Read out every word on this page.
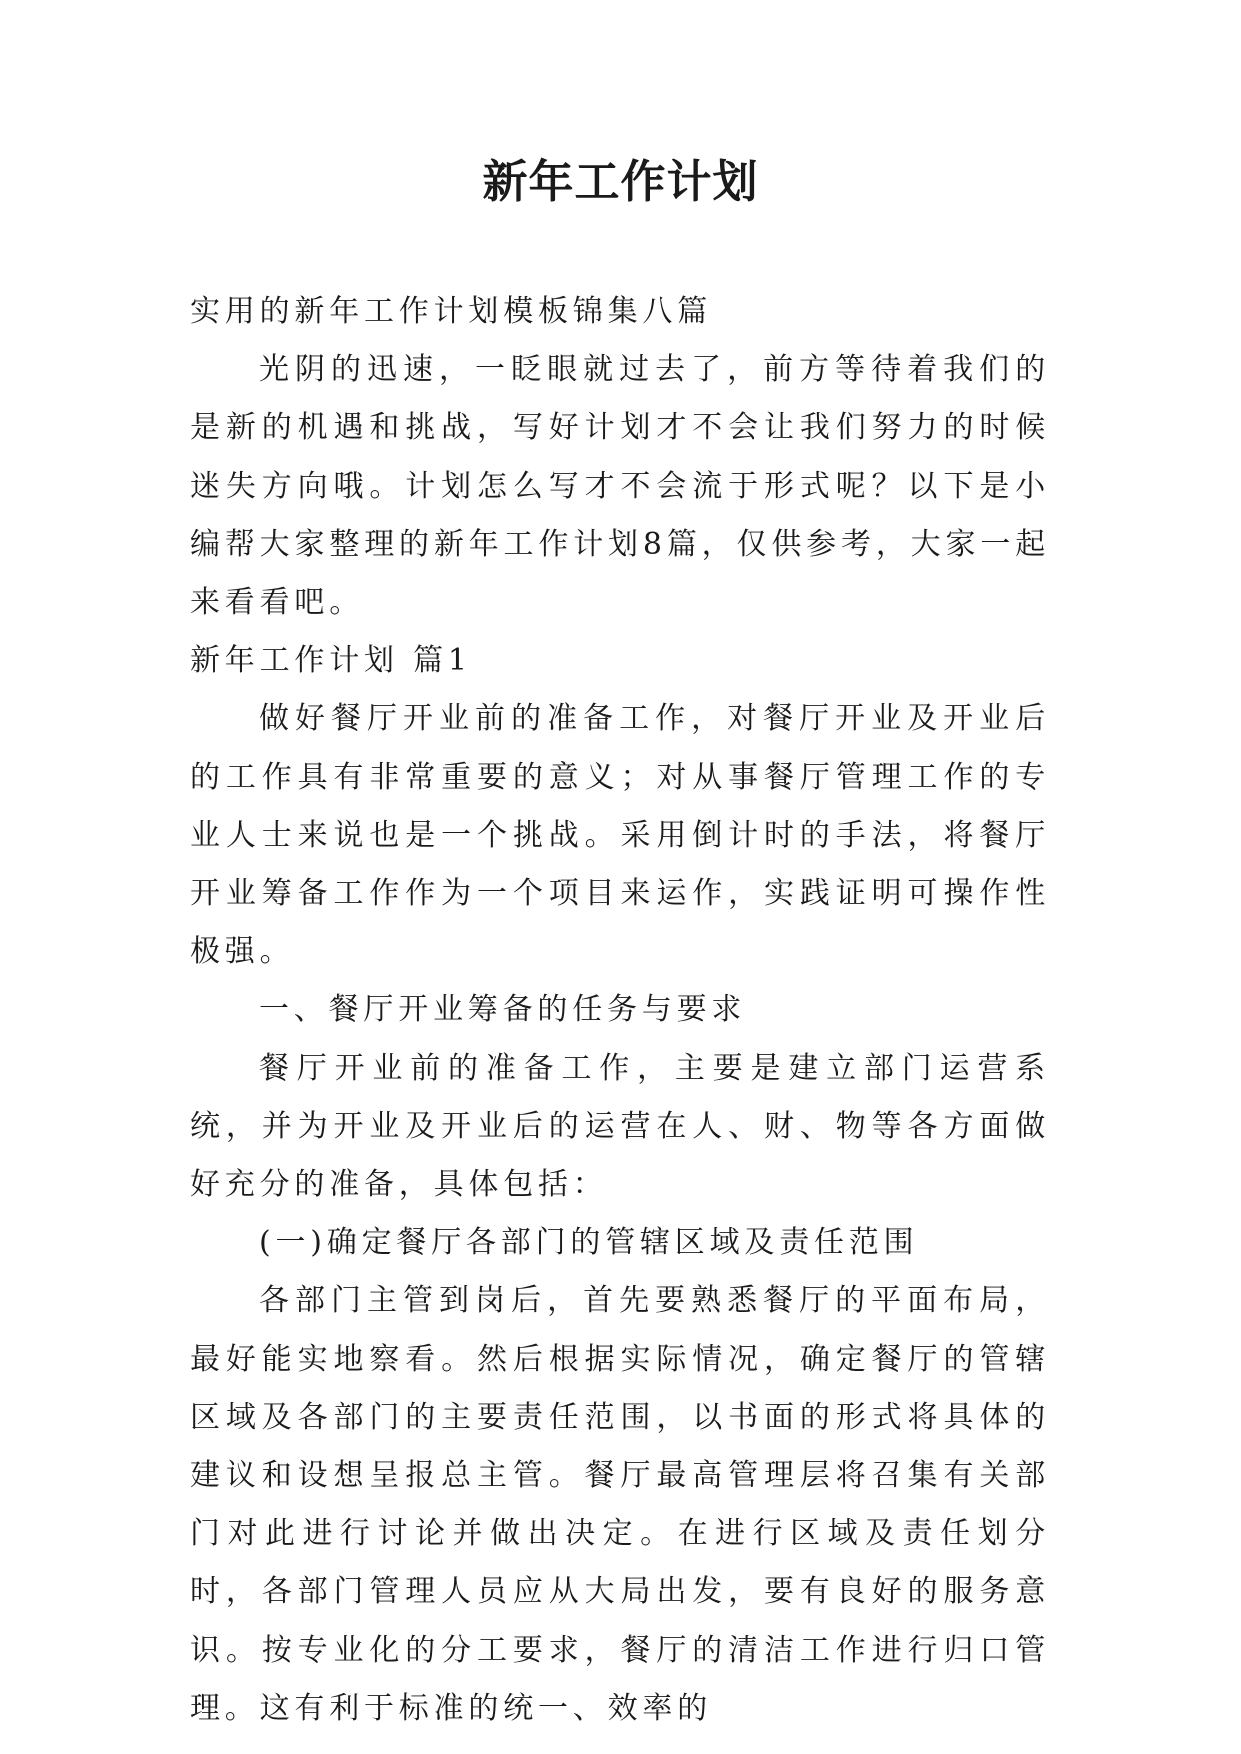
新年工作计划

实用的新年工作计划模板锦集八篇

光阴的迅速，一眨眼就过去了，前方等待着我们的是新的机遇和挑战，写好计划才不会让我们努力的时候迷失方向哦。计划怎么写才不会流于形式呢？以下是小编帮大家整理的新年工作计划8篇，仅供参考，大家一起来看看吧。

新年工作计划 篇1

做好餐厅开业前的准备工作，对餐厅开业及开业后的工作具有非常重要的意义；对从事餐厅管理工作的专业人士来说也是一个挑战。采用倒计时的手法，将餐厅开业筹备工作作为一个项目来运作，实践证明可操作性极强。

一、餐厅开业筹备的任务与要求

餐厅开业前的准备工作，主要是建立部门运营系统，并为开业及开业后的运营在人、财、物等各方面做好充分的准备，具体包括：

(一)确定餐厅各部门的管辖区域及责任范围

各部门主管到岗后，首先要熟悉餐厅的平面布局，最好能实地察看。然后根据实际情况，确定餐厅的管辖区域及各部门的主要责任范围，以书面的形式将具体的建议和设想呈报总主管。餐厅最高管理层将召集有关部门对此进行讨论并做出决定。在进行区域及责任划分时，各部门管理人员应从大局出发，要有良好的服务意识。按专业化的分工要求，餐厅的清洁工作进行归口管理。这有利于标准的统一、效率的
